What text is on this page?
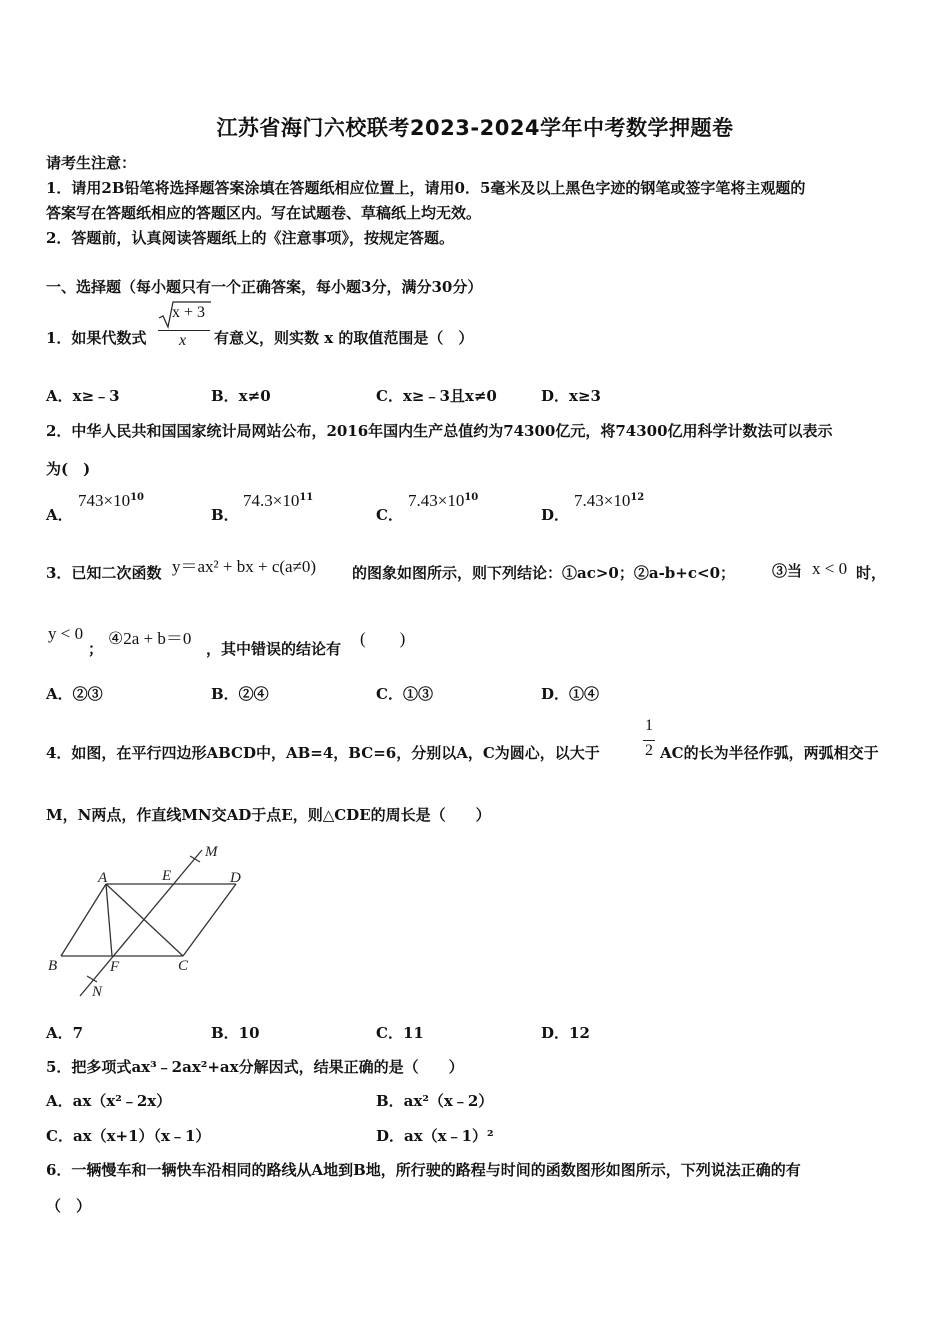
江苏省海门六校联考2023-2024学年中考数学押题卷
请考生注意：
1．请用2B铅笔将选择题答案涂填在答题纸相应位置上，请用0．5毫米及以上黑色字迹的钢笔或签字笔将主观题的
答案写在答题纸相应的答题区内。写在试题卷、草稿纸上均无效。
2．答题前，认真阅读答题纸上的《注意事项》，按规定答题。
一、选择题（每小题只有一个正确答案，每小题3分，满分30分）
1．如果代数式
x + 3
x 有意义，则实数 x 的取值范围是（　）
A．x≥﹣3	B．x≠0	C．x≥﹣3且x≠0	D．x≥3
2．中华人民共和国国家统计局网站公布，2016年国内生产总值约为74300亿元，将74300亿用科学计数法可以表示
为(　)
A．
$743\times 10^{10}$
B．
$74.3\times 10^{11}$
C．
$7.43\times 10^{10}$
D．
$7.43\times 10^{12}$
3．已知二次函数 y＝ax² + bx + c(a≠0) 的图象如图所示，则下列结论：①ac>0；②a-b+c<0； ③当 x < 0 时，
y < 0
；
④2a + b＝0
，其中错误的结论有
(　　)
A．②③	B．②④	C．①③	D．①④
4．如图，在平行四边形ABCD中，AB=4，BC=6，分别以A，C为圆心，以大于
1
2 AC的长为半径作弧，两弧相交于
M，N两点，作直线MN交AD于点E，则△CDE的周长是（　　）
A	E	D
B	F	C
M
N
A．7	B．10	C．11	D．12
5．把多项式ax³﹣2ax²+ax分解因式，结果正确的是（　　）
A．ax（x²﹣2x）	B．ax²（x﹣2）
C．ax（x+1）（x﹣1）	D．ax（x﹣1）²
6．一辆慢车和一辆快车沿相同的路线从A地到B地，所行驶的路程与时间的函数图形如图所示，下列说法正确的有
（　）
